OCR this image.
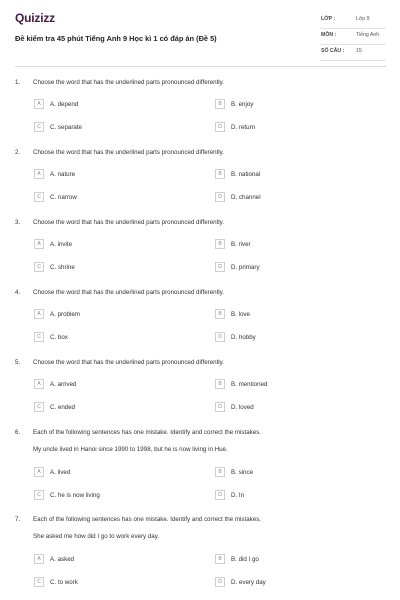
Quizizz
Đề kiểm tra 45 phút Tiếng Anh 9 Học kì 1 có đáp án (Đề 5)
LỚP :	Lớp 9
MÔN :	Tiếng Anh
SỐ CÂU : 15
1. Choose the word that has the underlined parts pronounced differently.
A	A. depend	B	B. enjoy
C	C. separate	D	D. return
2. Choose the word that has the underlined parts pronounced differently.
A	A. nature	B	B. national
C	C. narrow	D	D. channel
3. Choose the word that has the underlined parts pronounced differently.
A	A. invite	B	B. river
C	C. shrine	D	D. primary
4. Choose the word that has the underlined parts pronounced differently.
A	A. problem	B	B. love
C	C. box	D	D. hobby
5. Choose the word that has the underlined parts pronounced differently.
A	A. arrived	B	B. mentioned
C	C. ended	D	D. loved
6. Each of the following sentences has one mistake. Identify and correct the mistakes.
My uncle lived in Hanoi since 1990 to 1998, but he is now living in Hue.
A	A. lived	B	B. since
C	C. he is now living	D	D. In
7. Each of the following sentences has one mistake. Identify and correct the mistakes.
She asked me how did I go to work every day.
A	A. asked	B	B. did I go
C	C. to work	D	D. every day
